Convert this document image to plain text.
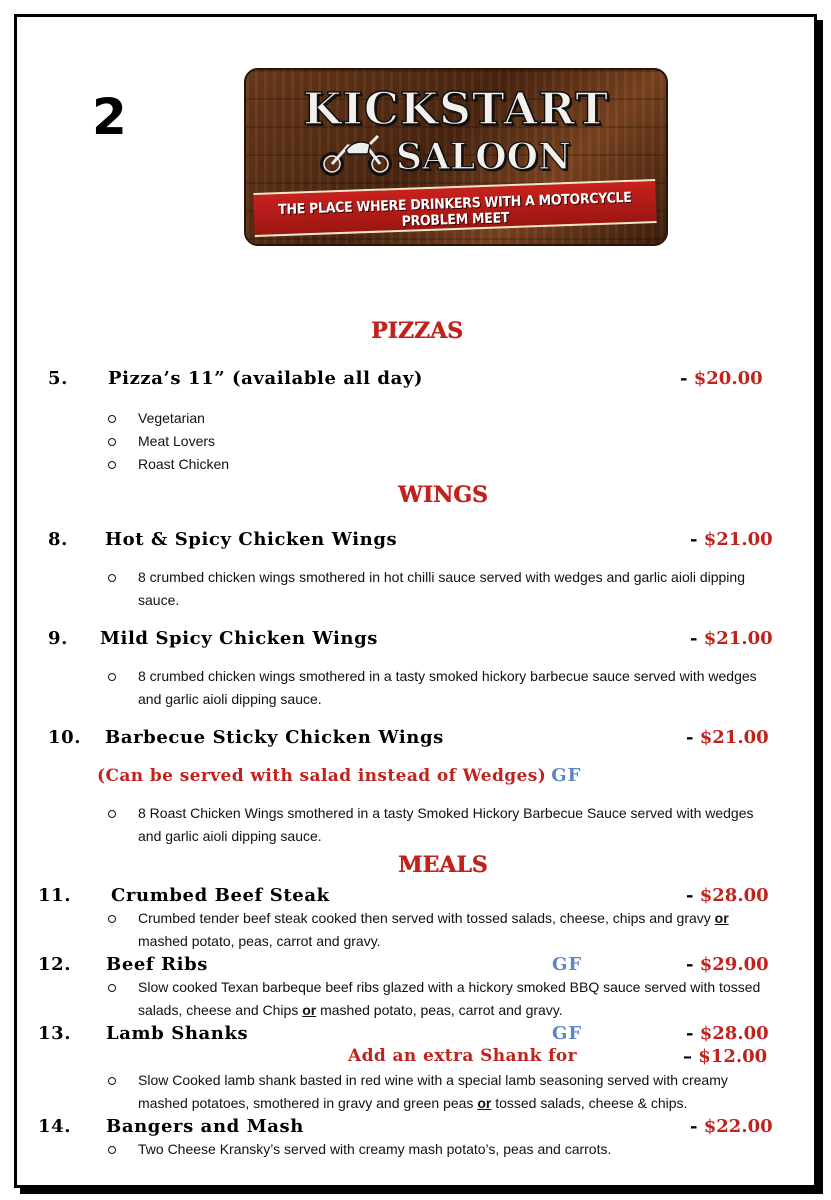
2	KICKSTART
SALOON
THE PLACE WHERE DRINKERS WITH A MOTORCYCLE PROBLEM MEET
PIZZAS
5. Pizza’s 11” (available all day)	- $20.00
Vegetarian
Meat Lovers
Roast Chicken
WINGS
8. Hot & Spicy Chicken Wings	- $21.00
8 crumbed chicken wings smothered in hot chilli sauce served with wedges and garlic aioli dipping
sauce.
9. Mild Spicy Chicken Wings	- $21.00
8 crumbed chicken wings smothered in a tasty smoked hickory barbecue sauce served with wedges
and garlic aioli dipping sauce.
10. Barbecue Sticky Chicken Wings	- $21.00
(Can be served with salad instead of Wedges) GF
8 Roast Chicken Wings smothered in a tasty Smoked Hickory Barbecue Sauce served with wedges
and garlic aioli dipping sauce.
MEALS
11. Crumbed Beef Steak	- $28.00
Crumbed tender beef steak cooked then served with tossed salads, cheese, chips and gravy or
mashed potato, peas, carrot and gravy.
12. Beef Ribs	GF	- $29.00
Slow cooked Texan barbeque beef ribs glazed with a hickory smoked BBQ sauce served with tossed
salads, cheese and Chips or mashed potato, peas, carrot and gravy.
13. Lamb Shanks	GF	- $28.00
Add an extra Shank for	– $12.00
Slow Cooked lamb shank basted in red wine with a special lamb seasoning served with creamy
mashed potatoes, smothered in gravy and green peas or tossed salads, cheese & chips.
14. Bangers and Mash	- $22.00
Two Cheese Kransky’s served with creamy mash potato’s, peas and carrots.
